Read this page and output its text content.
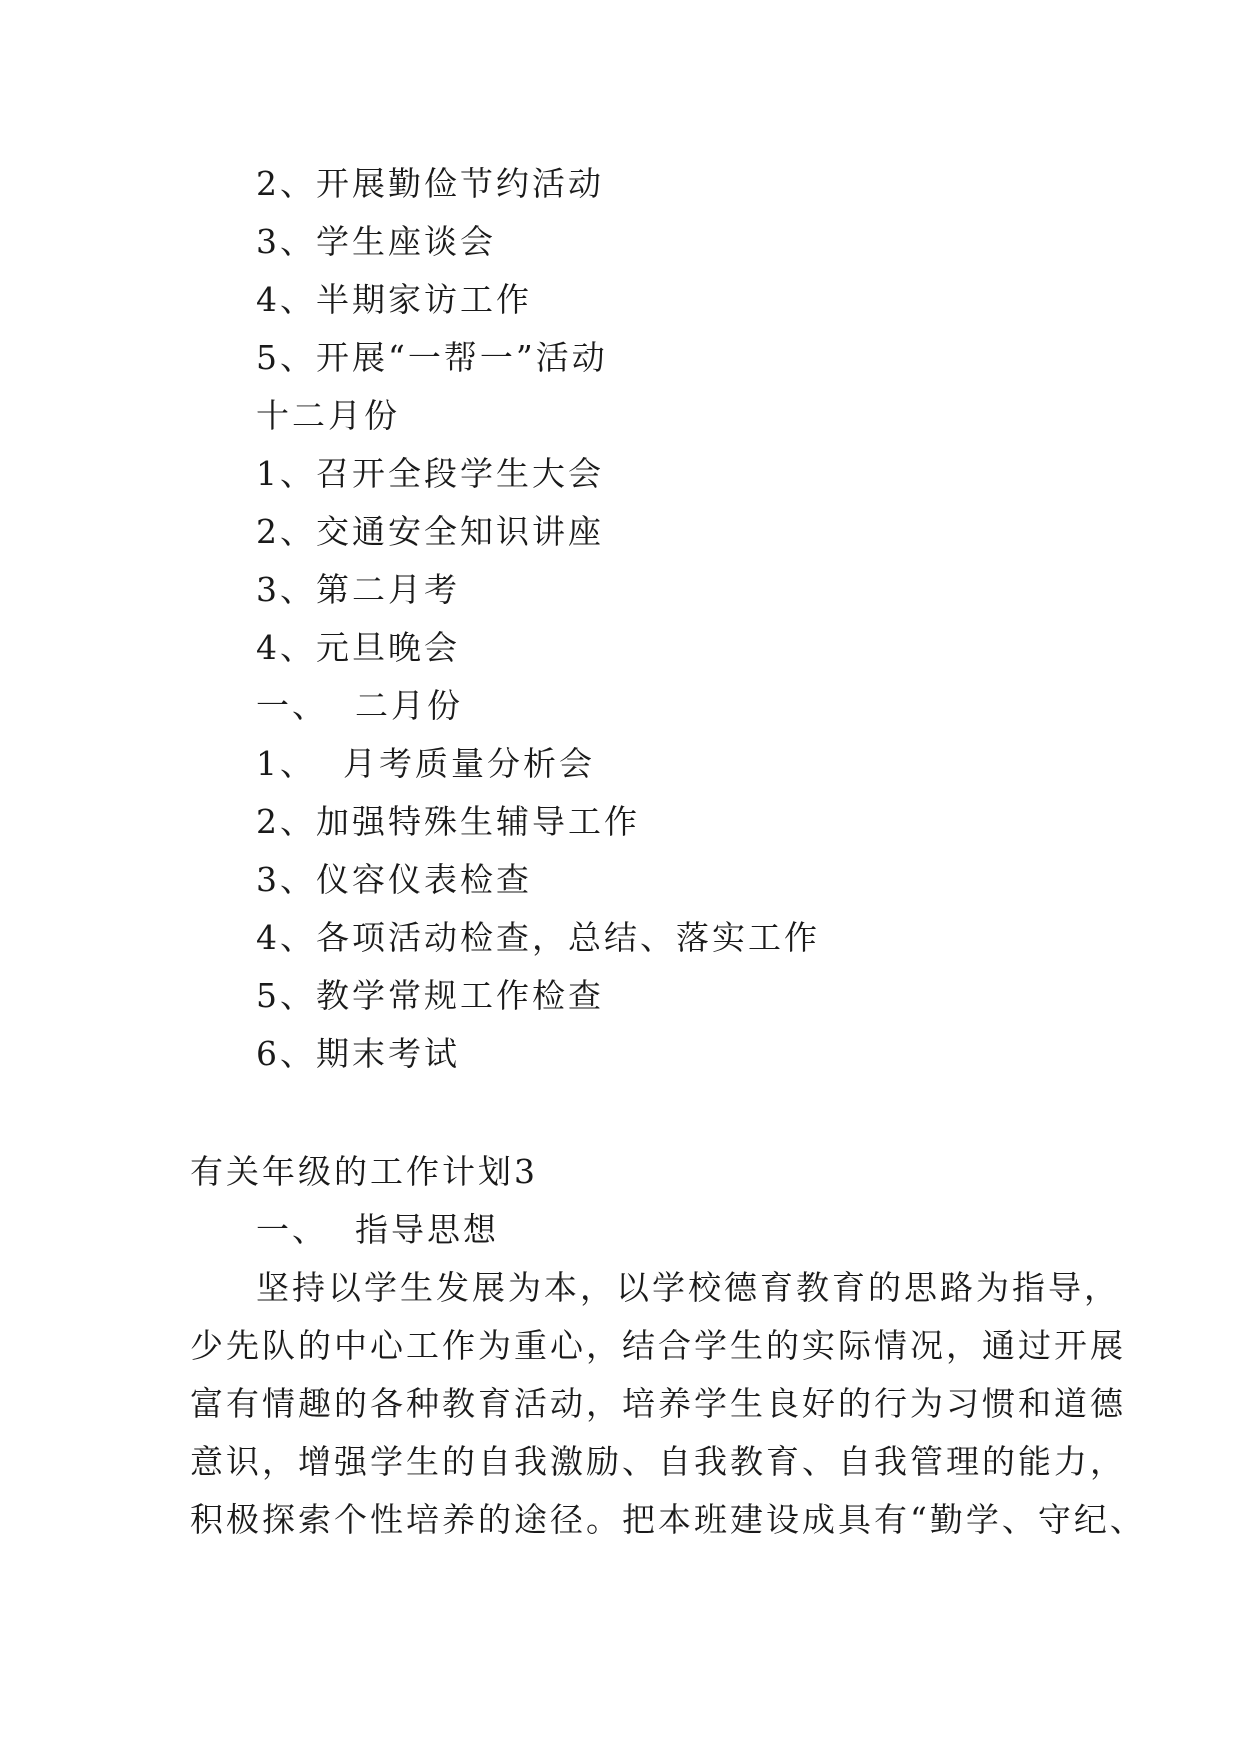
2、开展勤俭节约活动
3、学生座谈会
4、半期家访工作
5、开展“一帮一”活动
十二月份
1、召开全段学生大会
2、交通安全知识讲座
3、第二月考
4、元旦晚会
一、  二月份
1、  月考质量分析会
2、加强特殊生辅导工作
3、仪容仪表检查
4、各项活动检查，总结、落实工作
5、教学常规工作检查
6、期末考试
有关年级的工作计划3
一、  指导思想
坚持以学生发展为本，以学校德育教育的思路为指导，
少先队的中心工作为重心，结合学生的实际情况，通过开展
富有情趣的各种教育活动，培养学生良好的行为习惯和道德
意识，增强学生的自我激励、自我教育、自我管理的能力，
积极探索个性培养的途径。把本班建设成具有“勤学、守纪、
